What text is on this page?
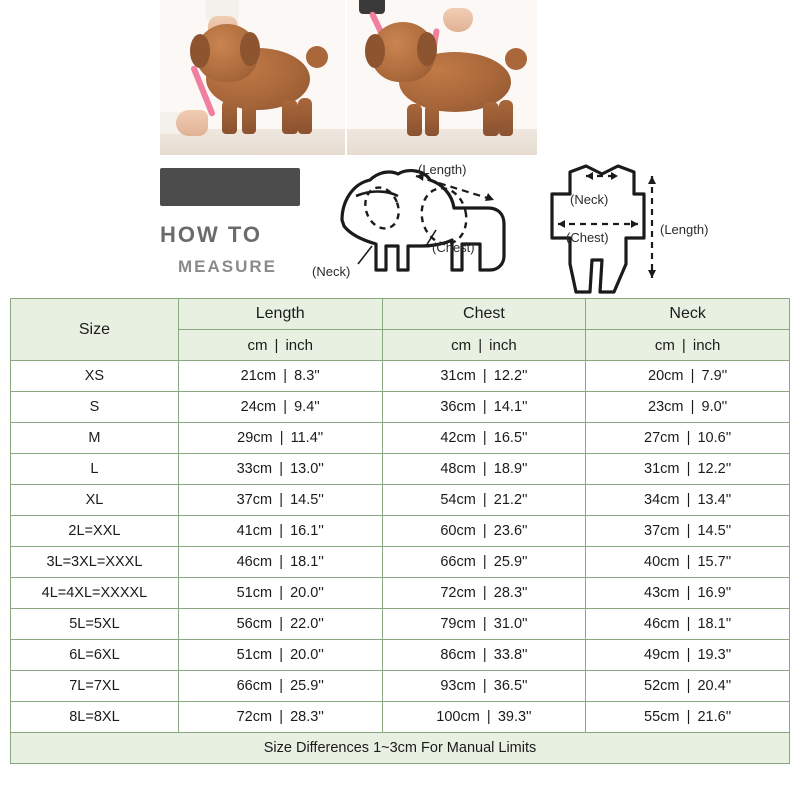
HOW TO
MEASURE
(Length)
(Chest)
(Neck)
(Neck)
(Chest)
(Length)
Size	Length	Chest	Neck
	cm | inch	cm | inch	cm | inch
XS	21cm | 8.3''	31cm | 12.2''	20cm | 7.9''
S	24cm | 9.4''	36cm | 14.1''	23cm | 9.0''
M	29cm | 11.4''	42cm | 16.5''	27cm | 10.6''
L	33cm | 13.0''	48cm | 18.9''	31cm | 12.2''
XL	37cm | 14.5''	54cm | 21.2''	34cm | 13.4''
2L=XXL	41cm | 16.1''	60cm | 23.6''	37cm | 14.5''
3L=3XL=XXXL	46cm | 18.1''	66cm | 25.9''	40cm | 15.7''
4L=4XL=XXXXL	51cm | 20.0''	72cm | 28.3''	43cm | 16.9''
5L=5XL	56cm | 22.0''	79cm | 31.0''	46cm | 18.1''
6L=6XL	51cm | 20.0''	86cm | 33.8''	49cm | 19.3''
7L=7XL	66cm | 25.9''	93cm | 36.5''	52cm | 20.4''
8L=8XL	72cm | 28.3''	100cm | 39.3''	55cm | 21.6''
Size Differences 1~3cm For Manual Limits			
